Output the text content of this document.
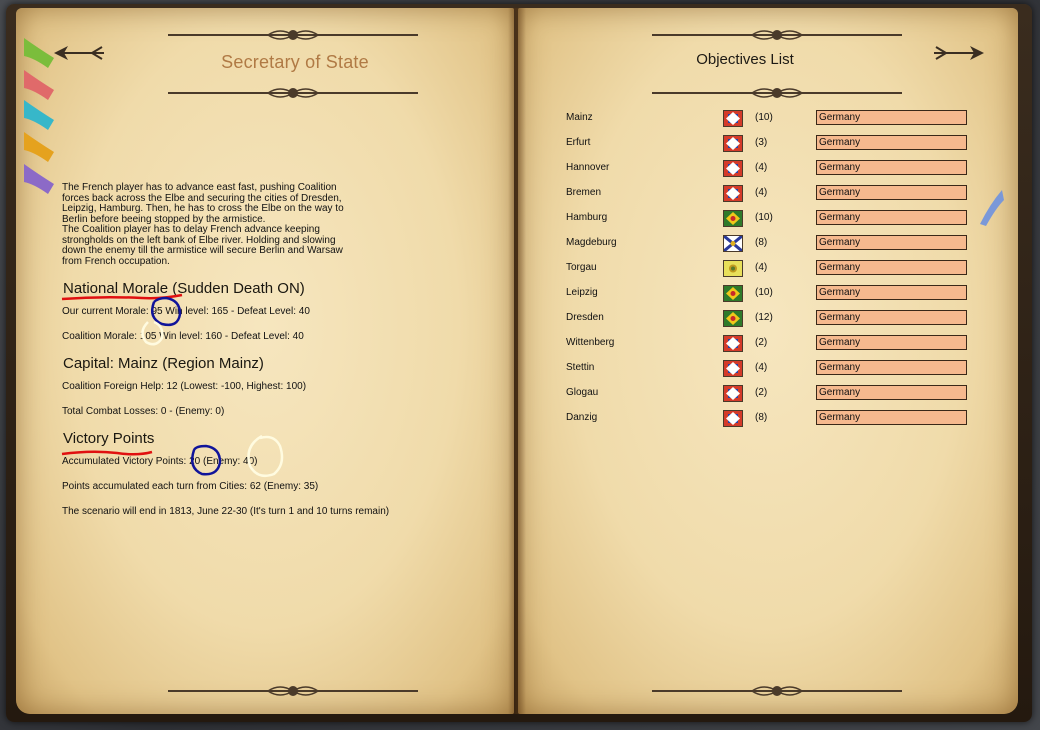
Secretary of State
The French player has to advance east fast, pushing Coalition
forces back across the Elbe and securing the cities of Dresden,
Leipzig, Hamburg. Then, he has to cross the Elbe on the way to
Berlin before beeing stopped by the armistice.
The Coalition player has to delay French advance keeping
strongholds on the left bank of Elbe river. Holding and slowing
down the enemy till the armistice will secure Berlin and Warsaw
from French occupation.
National Morale (Sudden Death ON)
Our current Morale: 95 Win level: 165 - Defeat Level: 40
Coalition Morale: 105 Win level: 160 - Defeat Level: 40
Capital: Mainz (Region Mainz)
Coalition Foreign Help: 12 (Lowest: -100, Highest: 100)
Total Combat Losses: 0 - (Enemy: 0)
Victory Points
Accumulated Victory Points: 20 (Enemy: 40)
Points accumulated each turn from Cities: 62 (Enemy: 35)
The scenario will end in 1813, June 22-30 (It's turn 1 and 10 turns remain)
Objectives List
Mainz	(10)	Germany
Erfurt	(3)	Germany
Hannover	(4)	Germany
Bremen	(4)	Germany
Hamburg	(10)	Germany
Magdeburg	(8)	Germany
Torgau	(4)	Germany
Leipzig	(10)	Germany
Dresden	(12)	Germany
Wittenberg	(2)	Germany
Stettin	(4)	Germany
Glogau	(2)	Germany
Danzig	(8)	Germany
